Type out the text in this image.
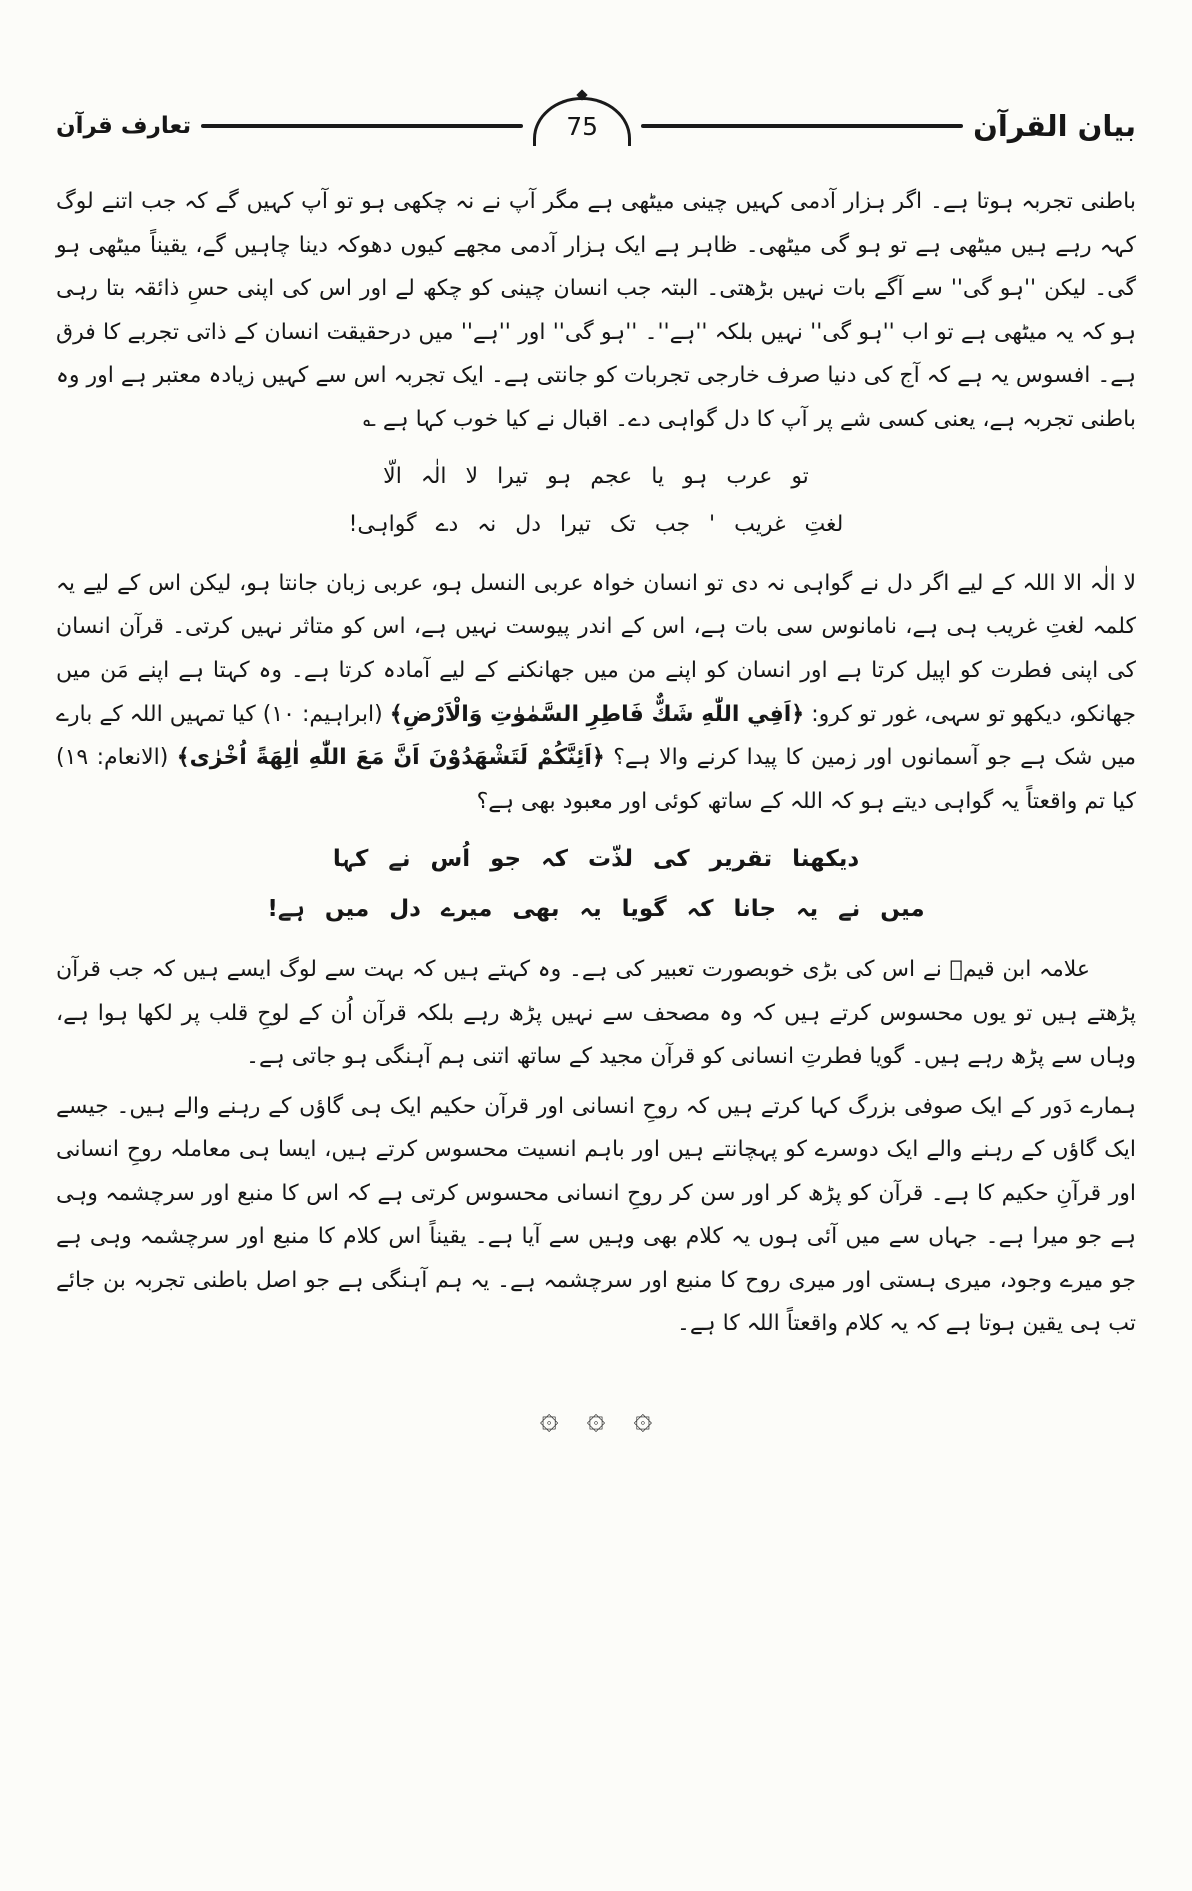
بیان القرآن
75
تعارف قرآن

باطنی تجربہ ہوتا ہے۔ اگر ہزار آدمی کہیں چینی میٹھی ہے مگر آپ نے نہ چکھی ہو تو آپ کہیں گے کہ جب اتنے لوگ کہہ رہے ہیں میٹھی ہے تو ہو گی میٹھی۔ ظاہر ہے ایک ہزار آدمی مجھے کیوں دھوکہ دینا چاہیں گے، یقیناً میٹھی ہو گی۔ لیکن ''ہو گی'' سے آگے بات نہیں بڑھتی۔ البتہ جب انسان چینی کو چکھ لے اور اس کی اپنی حسِ ذائقہ بتا رہی ہو کہ یہ میٹھی ہے تو اب ''ہو گی'' نہیں بلکہ ''ہے''۔ ''ہو گی'' اور ''ہے'' میں درحقیقت انسان کے ذاتی تجربے کا فرق ہے۔ افسوس یہ ہے کہ آج کی دنیا صرف خارجی تجربات کو جانتی ہے۔ ایک تجربہ اس سے کہیں زیادہ معتبر ہے اور وہ باطنی تجربہ ہے، یعنی کسی شے پر آپ کا دل گواہی دے۔ اقبال نے کیا خوب کہا ہے ؎

تو عرب ہو یا عجم ہو تیرا لا الٰہ الّا
لغتِ غریب ' جب تک تیرا دل نہ دے گواہی!

لا الٰہ الا اللہ کے لیے اگر دل نے گواہی نہ دی تو انسان خواہ عربی النسل ہو، عربی زبان جانتا ہو، لیکن اس کے لیے یہ کلمہ لغتِ غریب ہی ہے، نامانوس سی بات ہے، اس کے اندر پیوست نہیں ہے، اس کو متاثر نہیں کرتی۔ قرآن انسان کی اپنی فطرت کو اپیل کرتا ہے اور انسان کو اپنے من میں جھانکنے کے لیے آمادہ کرتا ہے۔ وہ کہتا ہے اپنے مَن میں جھانکو، دیکھو تو سہی، غور تو کرو: ﴿اَفِي اللّٰهِ شَكٌّ فَاطِرِ السَّمٰوٰتِ وَالْاَرْضِ﴾ (ابراہیم: ۱۰) کیا تمہیں اللہ کے بارے میں شک ہے جو آسمانوں اور زمین کا پیدا کرنے والا ہے؟ ﴿اَئِنَّكُمْ لَتَشْهَدُوْنَ اَنَّ مَعَ اللّٰهِ اٰلِهَةً اُخْرٰى﴾ (الانعام: ۱۹) کیا تم واقعتاً یہ گواہی دیتے ہو کہ اللہ کے ساتھ کوئی اور معبود بھی ہے؟

دیکھنا تقریر کی لذّت کہ جو اُس نے کہا
میں نے یہ جانا کہ گویا یہ بھی میرے دل میں ہے!

علامہ ابن قیمؒ نے اس کی بڑی خوبصورت تعبیر کی ہے۔ وہ کہتے ہیں کہ بہت سے لوگ ایسے ہیں کہ جب قرآن پڑھتے ہیں تو یوں محسوس کرتے ہیں کہ وہ مصحف سے نہیں پڑھ رہے بلکہ قرآن اُن کے لوحِ قلب پر لکھا ہوا ہے، وہاں سے پڑھ رہے ہیں۔ گویا فطرتِ انسانی کو قرآن مجید کے ساتھ اتنی ہم آہنگی ہو جاتی ہے۔

ہمارے دَور کے ایک صوفی بزرگ کہا کرتے ہیں کہ روحِ انسانی اور قرآن حکیم ایک ہی گاؤں کے رہنے والے ہیں۔ جیسے ایک گاؤں کے رہنے والے ایک دوسرے کو پہچانتے ہیں اور باہم انسیت محسوس کرتے ہیں، ایسا ہی معاملہ روحِ انسانی اور قرآنِ حکیم کا ہے۔ قرآن کو پڑھ کر اور سن کر روحِ انسانی محسوس کرتی ہے کہ اس کا منبع اور سرچشمہ وہی ہے جو میرا ہے۔ جہاں سے میں آئی ہوں یہ کلام بھی وہیں سے آیا ہے۔ یقیناً اس کلام کا منبع اور سرچشمہ وہی ہے جو میرے وجود، میری ہستی اور میری روح کا منبع اور سرچشمہ ہے۔ یہ ہم آہنگی ہے جو اصل باطنی تجربہ بن جائے تب ہی یقین ہوتا ہے کہ یہ کلام واقعتاً اللہ کا ہے۔

۞ ۞ ۞
